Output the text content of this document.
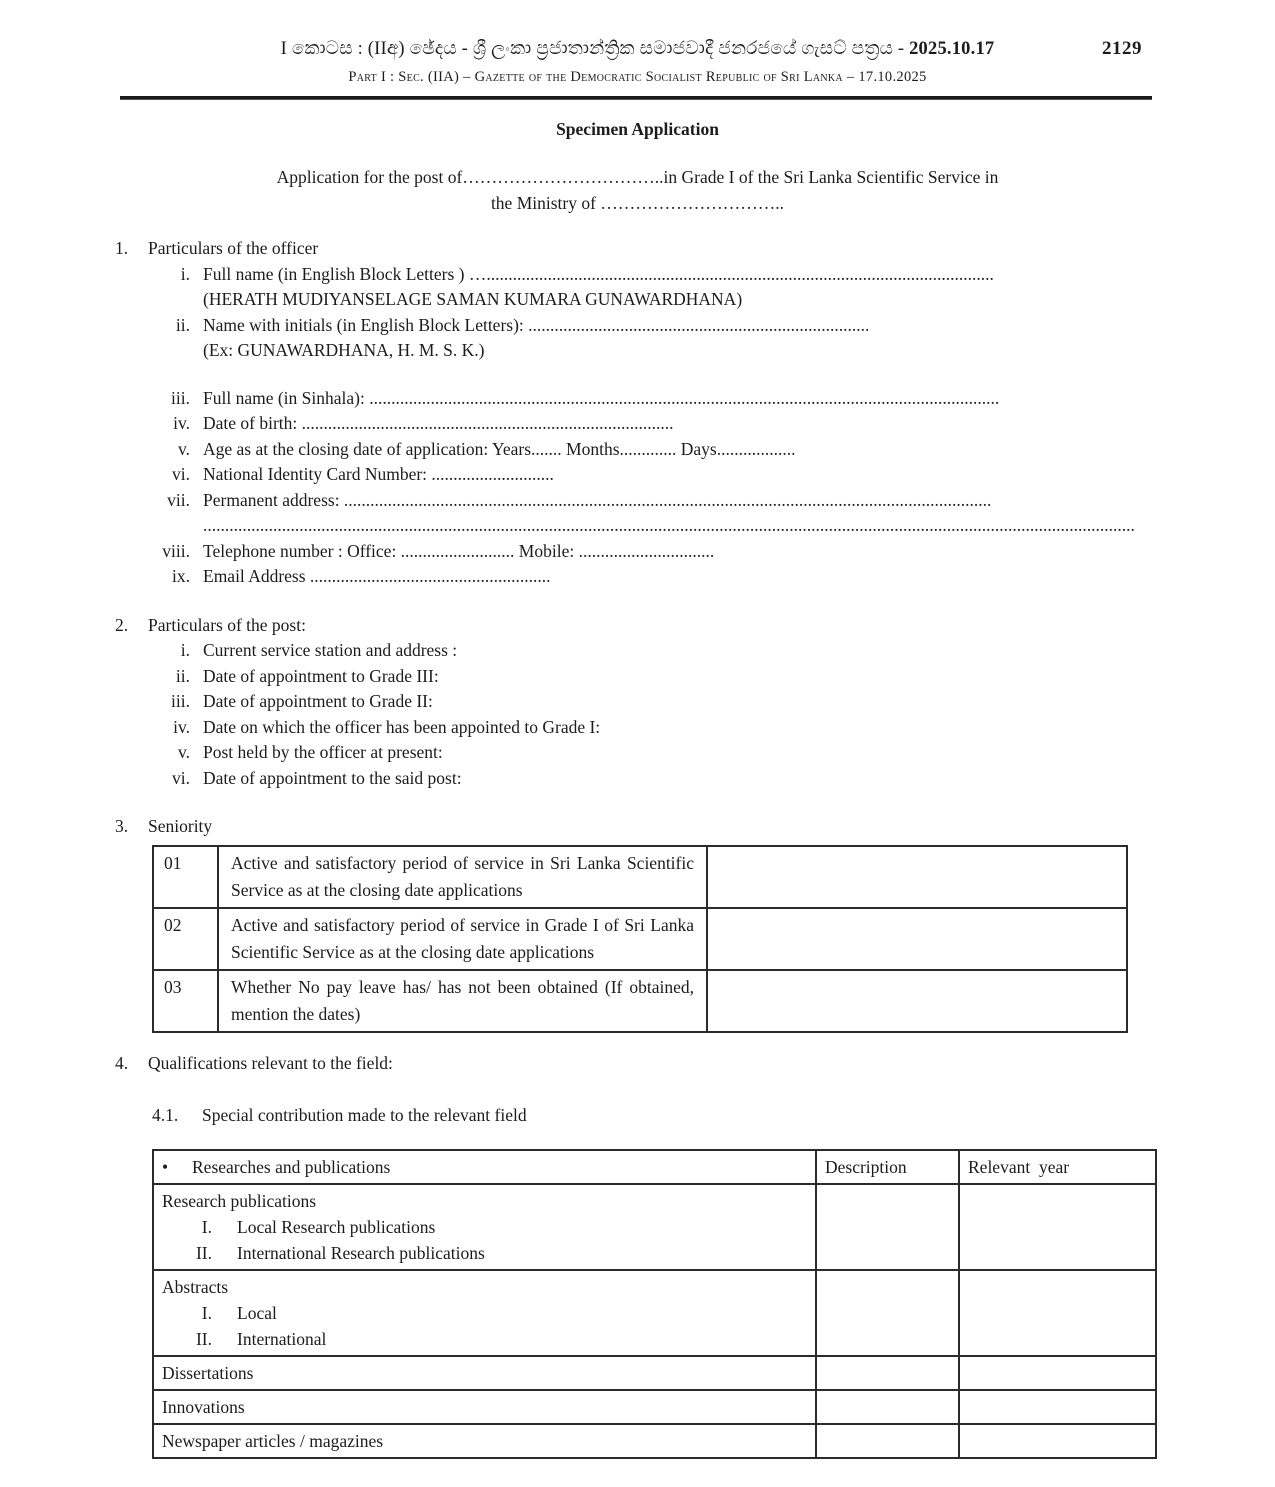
2129
I කොටස : (IIඅ) ඡේදය - ශ්‍රී ලංකා ප්‍රජාතාන්ත්‍රික සමාජවාදී ජනරජයේ ගැසට් පත්‍රය - 2025.10.17
Part I : Sec. (IIA) – Gazette of the Democratic Socialist Republic of Sri Lanka – 17.10.2025
Specimen Application

Application for the post of……………………………..in Grade I of the Sri Lanka Scientific Service in

the Ministry of …………………………..

1.	Particulars of the officer
i. Full name (in English Block Letters ) …....................................................................................................................
(HERATH MUDIYANSELAGE SAMAN KUMARA GUNAWARDHANA)
ii. Name with initials (in English Block Letters): ..............................................................................
(Ex: GUNAWARDHANA, H. M. S. K.)
iii. Full name (in Sinhala): ................................................................................................................................................
iv. Date of birth: .....................................................................................
v. Age as at the closing date of application: Years....... Months............. Days..................
vi. National Identity Card Number: ............................
vii. Permanent address: ....................................................................................................................................................
.....................................................................................................................................................................................................................
viii. Telephone number : Office: .......................... Mobile: ...............................
ix. Email Address .......................................................
2.	Particulars of the post:
i. Current service station and address :
ii. Date of appointment to Grade III:
iii. Date of appointment to Grade II:
iv. Date on which the officer has been appointed to Grade I:
v. Post held by the officer at present:
vi. Date of appointment to the said post:
3.	Seniority
01	Active and satisfactory period of service in Sri Lanka Scientific Service as at the closing date applications	
02	Active and satisfactory period of service in Grade I of Sri Lanka Scientific Service as at the closing date applications	
03	Whether No pay leave has/ has not been obtained (If obtained, mention the dates)	
4.	Qualifications relevant to the field:
4.1.	Special contribution made to the relevant field
• Researches and publications	Description	Relevant  year

Research publications
I. Local Research publications
II. International Research publications		

Abstracts
I. Local
II. International		

Dissertations		

Innovations		

Newspaper articles / magazines		
